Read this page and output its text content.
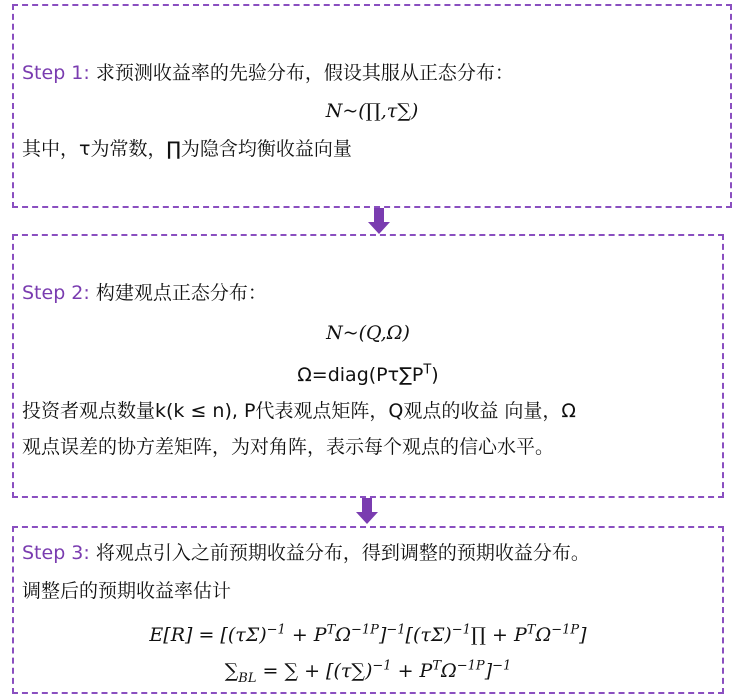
Step 1: 求预测收益率的先验分布，假设其服从正态分布：
N~(∏,τ∑)
其中，τ为常数，∏为隐含均衡收益向量
Step 2: 构建观点正态分布：
N~(Q,Ω)
$\Omega=diag(P\tau\sum P^T)$
投资者观点数量k(k ≤ n), P代表观点矩阵，Q观点的收益 向量，Ω
观点误差的协方差矩阵，为对角阵，表示每个观点的信心水平。
Step 3: 将观点引入之前预期收益分布，得到调整的预期收益分布。
调整后的预期收益率估计
$E[R] = [(\tau\Sigma)^{-1}$ + $P^T\Omega^{-1P}]^{-1}[(\tau\Sigma)^{-1}\prod + P^T\Omega^{-1P}]$
$\sum_{BL}$ = ∑ + $[(\tau\sum)^{-1} + P^T\Omega^{-1P}]^{-1}$
